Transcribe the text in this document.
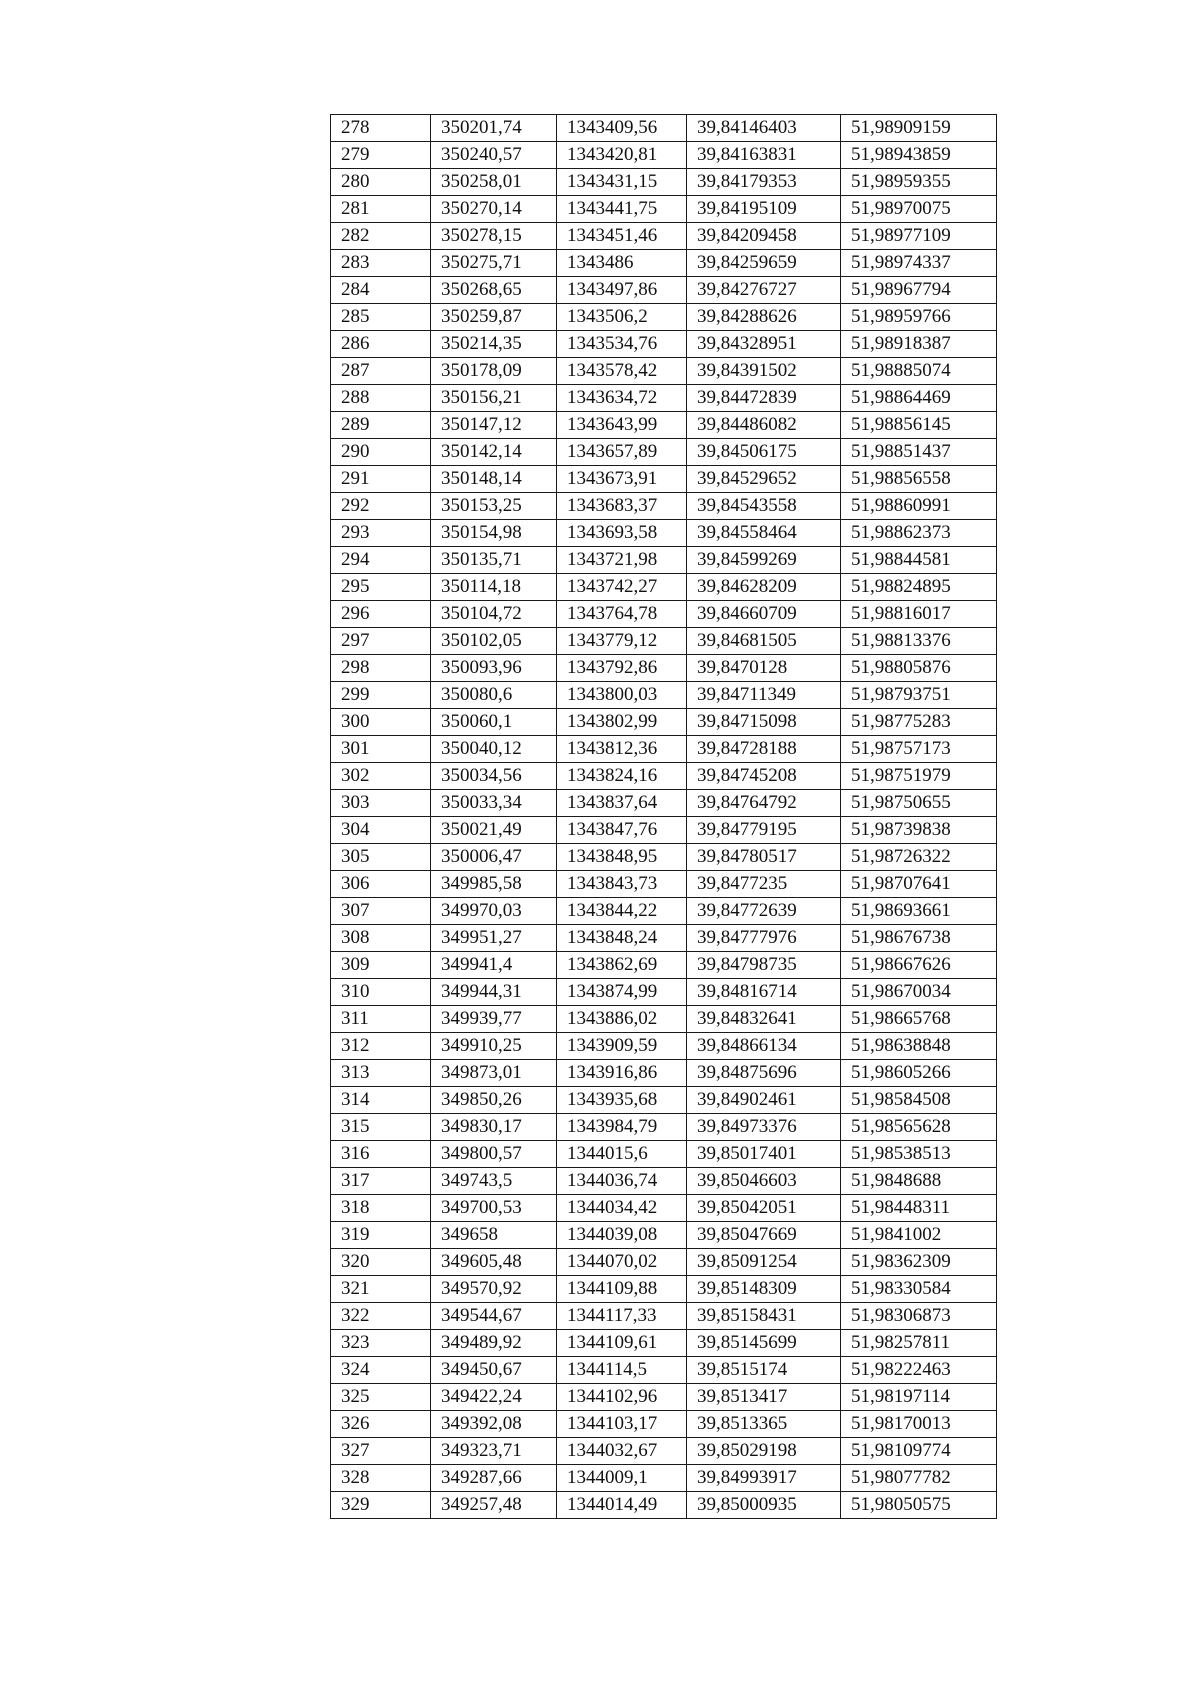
278	350201,74	1343409,56	39,84146403	51,98909159
279	350240,57	1343420,81	39,84163831	51,98943859
280	350258,01	1343431,15	39,84179353	51,98959355
281	350270,14	1343441,75	39,84195109	51,98970075
282	350278,15	1343451,46	39,84209458	51,98977109
283	350275,71	1343486	39,84259659	51,98974337
284	350268,65	1343497,86	39,84276727	51,98967794
285	350259,87	1343506,2	39,84288626	51,98959766
286	350214,35	1343534,76	39,84328951	51,98918387
287	350178,09	1343578,42	39,84391502	51,98885074
288	350156,21	1343634,72	39,84472839	51,98864469
289	350147,12	1343643,99	39,84486082	51,98856145
290	350142,14	1343657,89	39,84506175	51,98851437
291	350148,14	1343673,91	39,84529652	51,98856558
292	350153,25	1343683,37	39,84543558	51,98860991
293	350154,98	1343693,58	39,84558464	51,98862373
294	350135,71	1343721,98	39,84599269	51,98844581
295	350114,18	1343742,27	39,84628209	51,98824895
296	350104,72	1343764,78	39,84660709	51,98816017
297	350102,05	1343779,12	39,84681505	51,98813376
298	350093,96	1343792,86	39,8470128	51,98805876
299	350080,6	1343800,03	39,84711349	51,98793751
300	350060,1	1343802,99	39,84715098	51,98775283
301	350040,12	1343812,36	39,84728188	51,98757173
302	350034,56	1343824,16	39,84745208	51,98751979
303	350033,34	1343837,64	39,84764792	51,98750655
304	350021,49	1343847,76	39,84779195	51,98739838
305	350006,47	1343848,95	39,84780517	51,98726322
306	349985,58	1343843,73	39,8477235	51,98707641
307	349970,03	1343844,22	39,84772639	51,98693661
308	349951,27	1343848,24	39,84777976	51,98676738
309	349941,4	1343862,69	39,84798735	51,98667626
310	349944,31	1343874,99	39,84816714	51,98670034
311	349939,77	1343886,02	39,84832641	51,98665768
312	349910,25	1343909,59	39,84866134	51,98638848
313	349873,01	1343916,86	39,84875696	51,98605266
314	349850,26	1343935,68	39,84902461	51,98584508
315	349830,17	1343984,79	39,84973376	51,98565628
316	349800,57	1344015,6	39,85017401	51,98538513
317	349743,5	1344036,74	39,85046603	51,9848688
318	349700,53	1344034,42	39,85042051	51,98448311
319	349658	1344039,08	39,85047669	51,9841002
320	349605,48	1344070,02	39,85091254	51,98362309
321	349570,92	1344109,88	39,85148309	51,98330584
322	349544,67	1344117,33	39,85158431	51,98306873
323	349489,92	1344109,61	39,85145699	51,98257811
324	349450,67	1344114,5	39,8515174	51,98222463
325	349422,24	1344102,96	39,8513417	51,98197114
326	349392,08	1344103,17	39,8513365	51,98170013
327	349323,71	1344032,67	39,85029198	51,98109774
328	349287,66	1344009,1	39,84993917	51,98077782
329	349257,48	1344014,49	39,85000935	51,98050575
